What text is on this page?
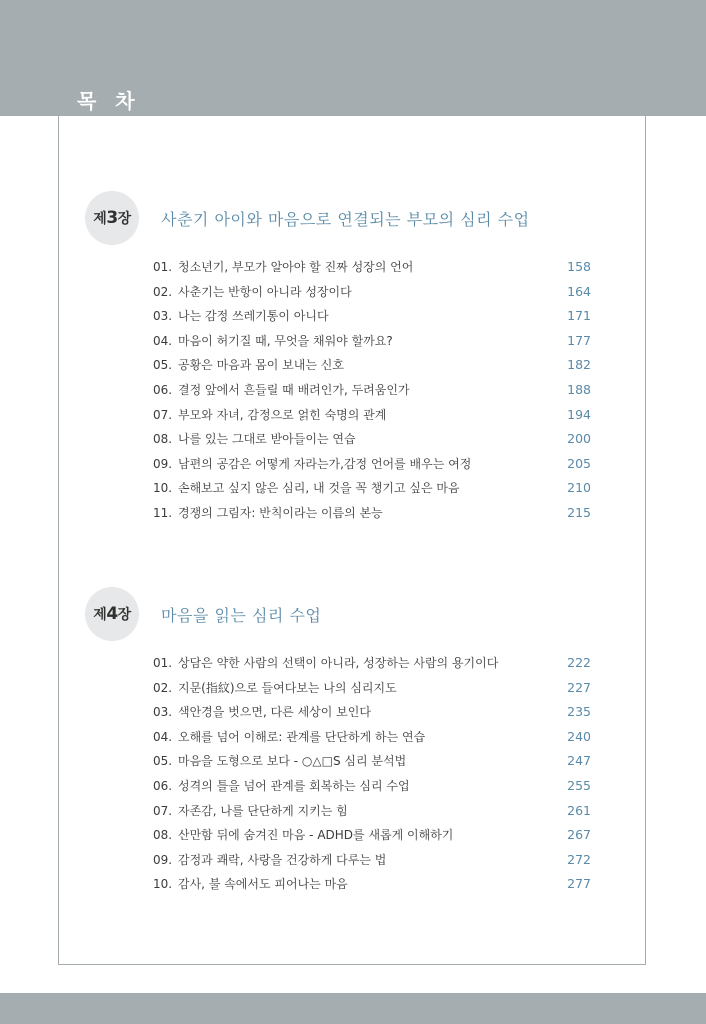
목 차
제3장	사춘기 아이와 마음으로 연결되는 부모의 심리 수업
01. 청소년기, 부모가 알아야 할 진짜 성장의 언어	158
02. 사춘기는 반항이 아니라 성장이다	164
03. 나는 감정 쓰레기통이 아니다	171
04. 마음이 허기질 때, 무엇을 채워야 할까요?	177
05. 공황은 마음과 몸이 보내는 신호	182
06. 결정 앞에서 흔들릴 때 배려인가, 두려움인가	188
07. 부모와 자녀, 감정으로 얽힌 숙명의 관계	194
08. 나를 있는 그대로 받아들이는 연습	200
09. 남편의 공감은 어떻게 자라는가,감정 언어를 배우는 여정	205
10. 손해보고 싶지 않은 심리, 내 것을 꼭 챙기고 싶은 마음	210
11. 경쟁의 그림자: 반칙이라는 이름의 본능	215
제4장	마음을 읽는 심리 수업
01. 상담은 약한 사람의 선택이 아니라, 성장하는 사람의 용기이다	222
02. 지문(指紋)으로 들여다보는 나의 심리지도	227
03. 색안경을 벗으면, 다른 세상이 보인다	235
04. 오해를 넘어 이해로: 관계를 단단하게 하는 연습	240
05. 마음을 도형으로 보다 - ○△□S 심리 분석법	247
06. 성격의 틀을 넘어 관계를 회복하는 심리 수업	255
07. 자존감, 나를 단단하게 지키는 힘	261
08. 산만함 뒤에 숨겨진 마음 - ADHD를 새롭게 이해하기	267
09. 감정과 쾌락, 사랑을 건강하게 다루는 법	272
10. 감사, 불 속에서도 피어나는 마음	277
